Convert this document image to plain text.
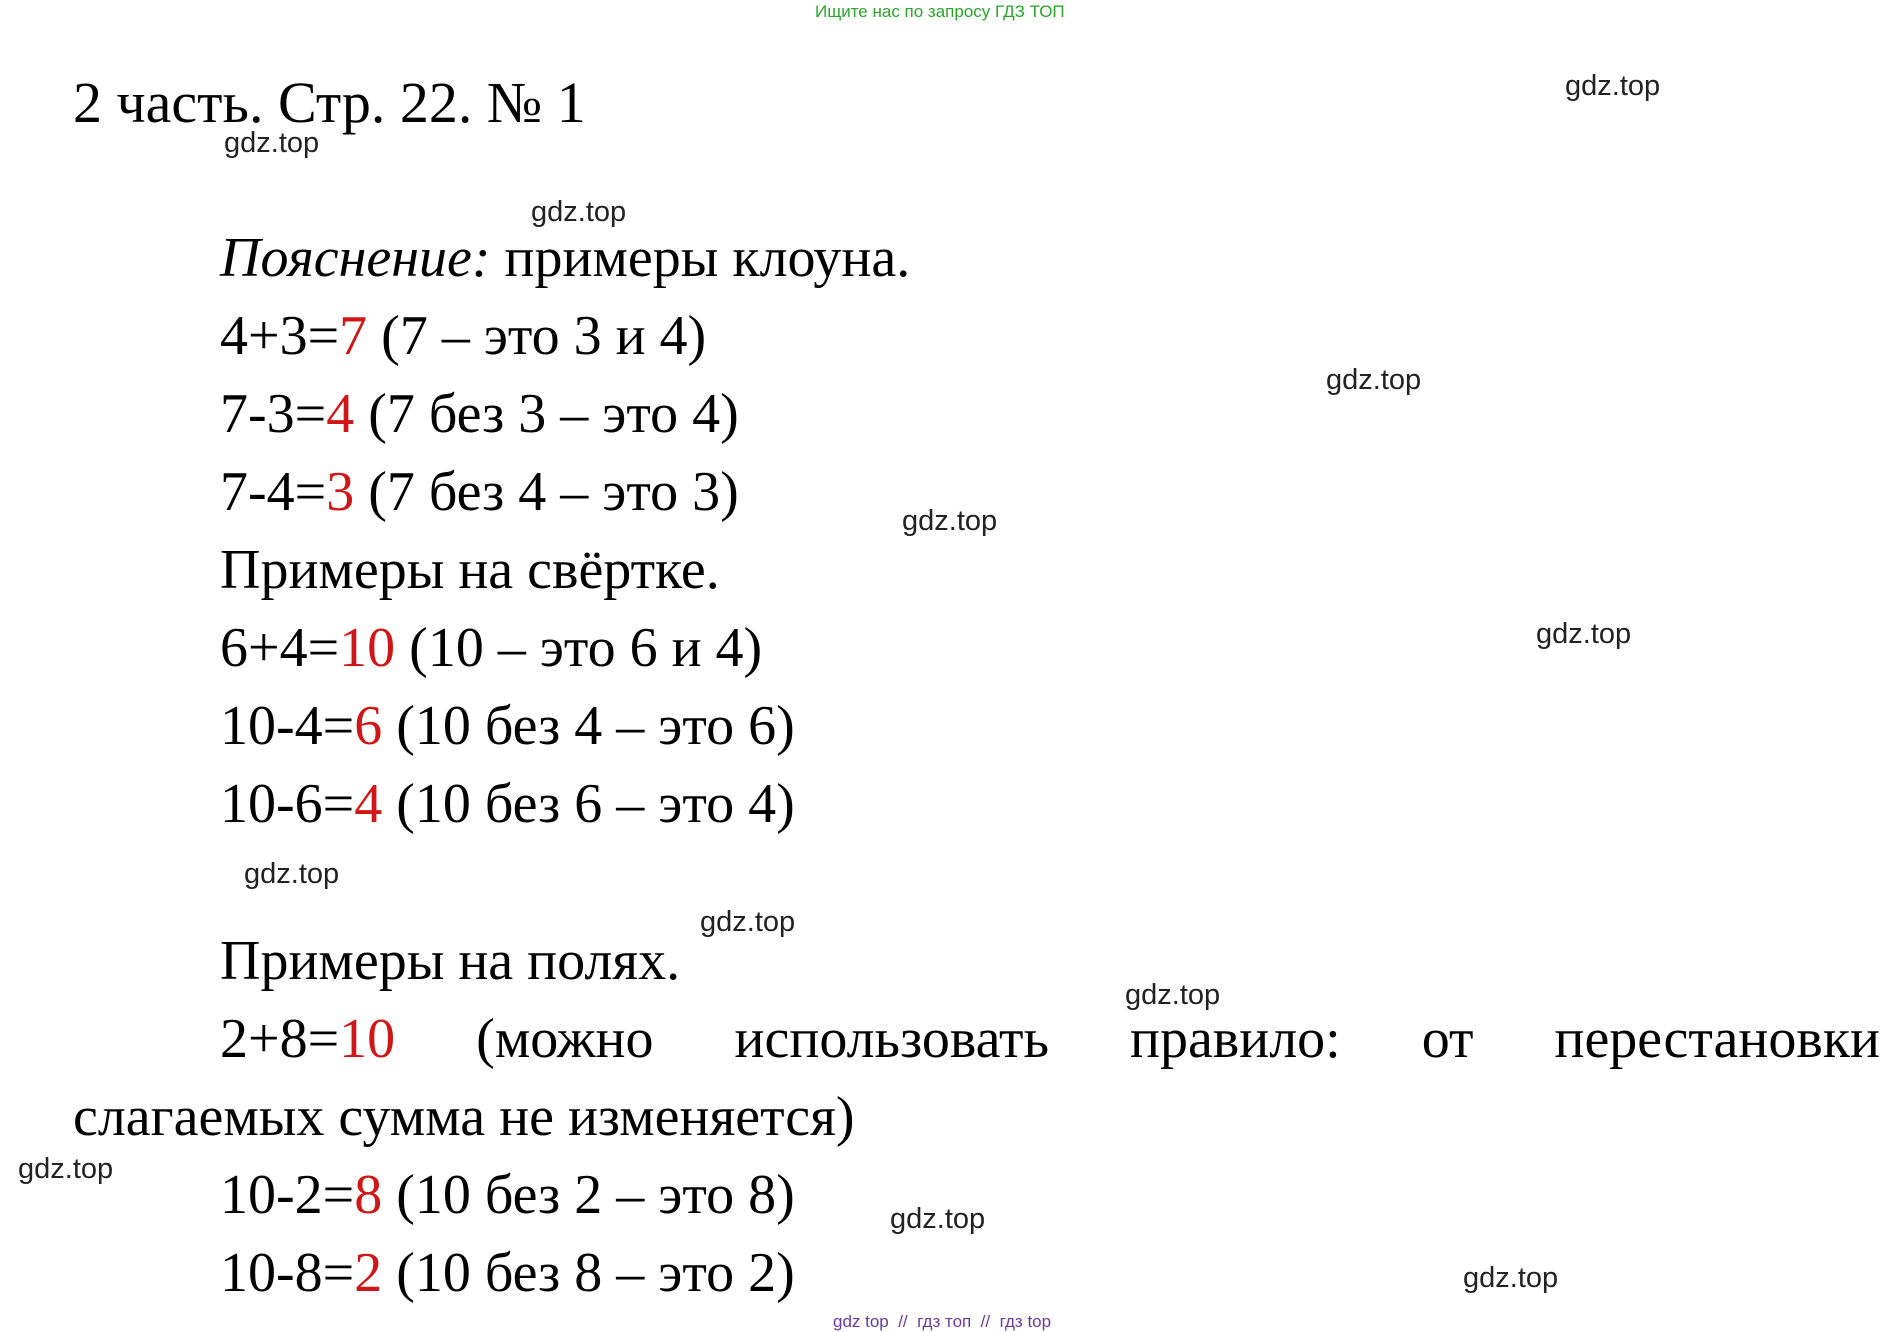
Ищите нас по запросу ГДЗ ТОП
2 часть. Стр. 22. № 1
Пояснение: примеры клоуна.
4+3=7 (7 – это 3 и 4)
7-3=4 (7 без 3 – это 4)
7-4=3 (7 без 4 – это 3)
Примеры на свёртке.
6+4=10 (10 – это 6 и 4)
10-4=6 (10 без 4 – это 6)
10-6=4 (10 без 6 – это 4)
Примеры на полях.
2+8=10 (можно использовать правило: от перестановки
слагаемых сумма не изменяется)
10-2=8 (10 без 2 – это 8)
10-8=2 (10 без 8 – это 2)
gdz.top
gdz.top
gdz.top
gdz.top
gdz.top
gdz.top
gdz.top
gdz.top
gdz.top
gdz.top
gdz.top
gdz.top
gdz top  //  гдз топ  //  гдз top
